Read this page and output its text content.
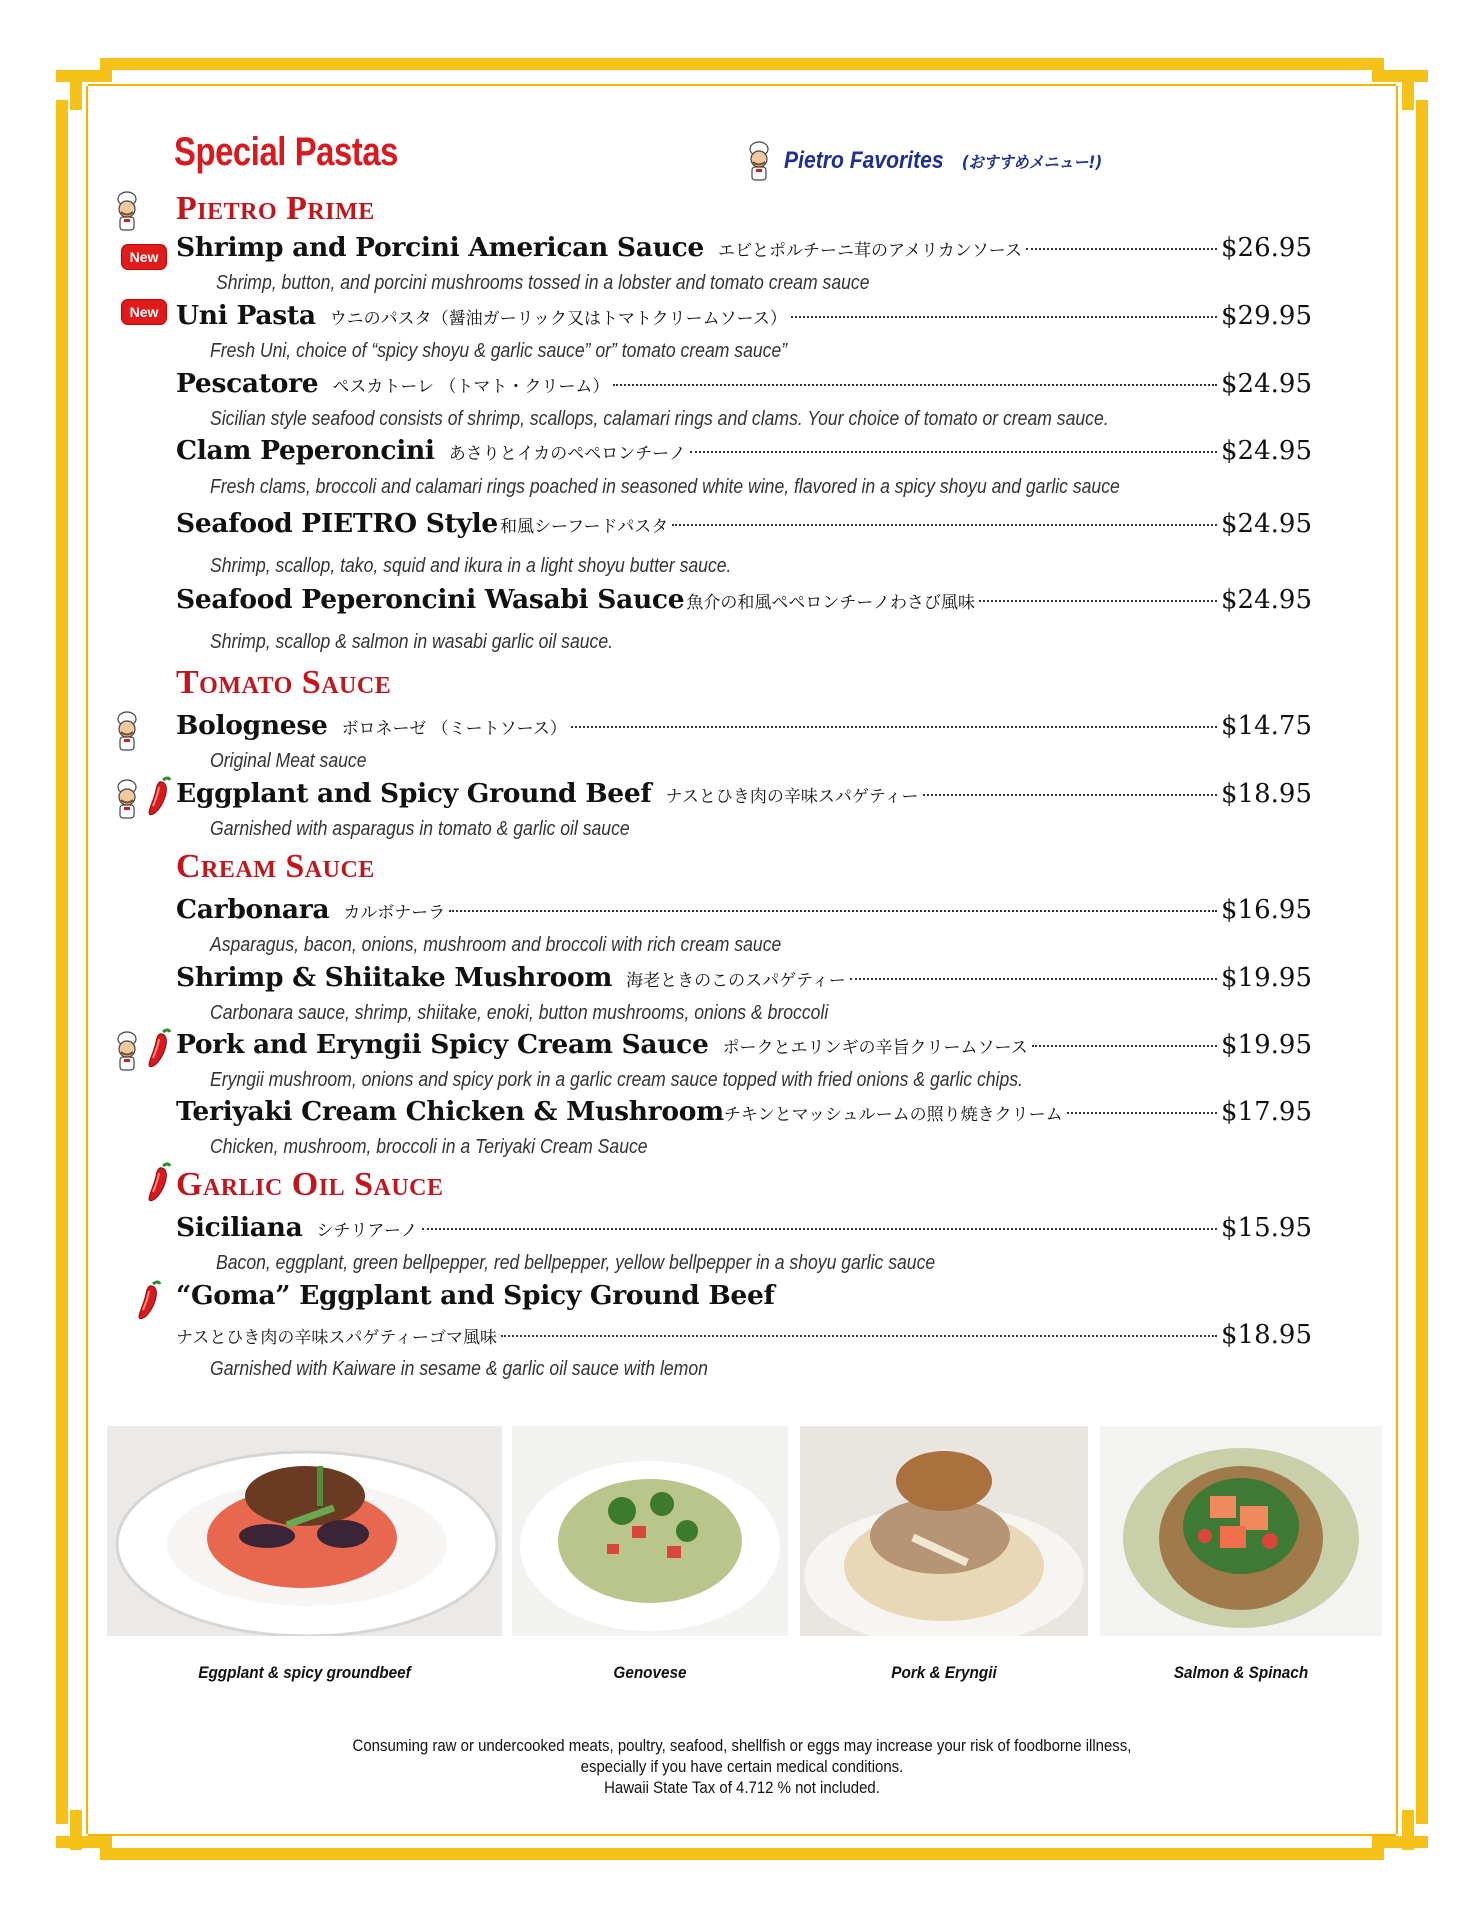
Special Pastas	Pietro Favorites (おすすめメニュー!)
Pietro Prime
New Shrimp and Porcini American Sauce エビとポルチーニ茸のアメリカンソース	$26.95
Shrimp, button, and porcini mushrooms tossed in a lobster and tomato cream sauce
New Uni Pasta ウニのパスタ（醤油ガーリック又はトマトクリームソース）	$29.95
Fresh Uni, choice of “spicy shoyu & garlic sauce” or” tomato cream sauce”
Pescatore ペスカトーレ （トマト・クリーム）	$24.95
Sicilian style seafood consists of shrimp, scallops, calamari rings and clams. Your choice of tomato or cream sauce.
Clam Peperoncini あさりとイカのペペロンチーノ	$24.95
Fresh clams, broccoli and calamari rings poached in seasoned white wine, flavored in a spicy shoyu and garlic sauce
Seafood PIETRO Style 和風シーフードパスタ	$24.95
Shrimp, scallop, tako, squid and ikura in a light shoyu butter sauce.
Seafood Peperoncini Wasabi Sauce 魚介の和風ペペロンチーノわさび風味	$24.95
Shrimp, scallop & salmon in wasabi garlic oil sauce.
Tomato Sauce
Bolognese ボロネーゼ （ミートソース）	$14.75
Original Meat sauce
Eggplant and Spicy Ground Beef ナスとひき肉の辛味スパゲティー	$18.95
Garnished with asparagus in tomato & garlic oil sauce
Cream Sauce
Carbonara カルボナーラ	$16.95
Asparagus, bacon, onions, mushroom and broccoli with rich cream sauce
Shrimp & Shiitake Mushroom 海老ときのこのスパゲティー	$19.95
Carbonara sauce, shrimp, shiitake, enoki, button mushrooms, onions & broccoli
Pork and Eryngii Spicy Cream Sauce ポークとエリンギの辛旨クリームソース	$19.95
Eryngii mushroom, onions and spicy pork in a garlic cream sauce topped with fried onions & garlic chips.
Teriyaki Cream Chicken & Mushroom チキンとマッシュルームの照り焼きクリーム	$17.95
Chicken, mushroom, broccoli in a Teriyaki Cream Sauce
Garlic Oil Sauce
Siciliana シチリアーノ	$15.95
Bacon, eggplant, green bellpepper, red bellpepper, yellow bellpepper in a shoyu garlic sauce
“Goma” Eggplant and Spicy Ground Beef
ナスとひき肉の辛味スパゲティーゴマ風味	$18.95
Garnished with Kaiware in sesame & garlic oil sauce with lemon
Eggplant & spicy groundbeef	Genovese	Pork & Eryngii	Salmon & Spinach
Consuming raw or undercooked meats, poultry, seafood, shellfish or eggs may increase your risk of foodborne illness,
especially if you have certain medical conditions.
Hawaii State Tax of 4.712 % not included.
